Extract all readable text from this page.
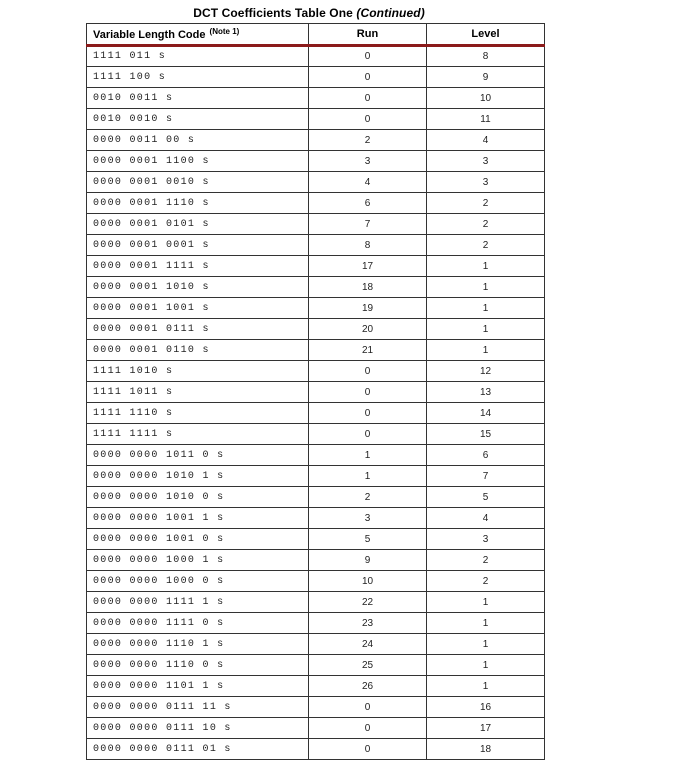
DCT Coefficients Table One (Continued)
Variable Length Code $^{(Note 1)}$	Run	Level
1111 011 s	0	8
1111 100 s	0	9
0010 0011 s	0	10
0010 0010 s	0	11
0000 0011 00 s	2	4
0000 0001 1100 s	3	3
0000 0001 0010 s	4	3
0000 0001 1110 s	6	2
0000 0001 0101 s	7	2
0000 0001 0001 s	8	2
0000 0001 1111 s	17	1
0000 0001 1010 s	18	1
0000 0001 1001 s	19	1
0000 0001 0111 s	20	1
0000 0001 0110 s	21	1
1111 1010 s	0	12
1111 1011 s	0	13
1111 1110 s	0	14
1111 1111 s	0	15
0000 0000 1011 0 s	1	6
0000 0000 1010 1 s	1	7
0000 0000 1010 0 s	2	5
0000 0000 1001 1 s	3	4
0000 0000 1001 0 s	5	3
0000 0000 1000 1 s	9	2
0000 0000 1000 0 s	10	2
0000 0000 1111 1 s	22	1
0000 0000 1111 0 s	23	1
0000 0000 1110 1 s	24	1
0000 0000 1110 0 s	25	1
0000 0000 1101 1 s	26	1
0000 0000 0111 11 s	0	16
0000 0000 0111 10 s	0	17
0000 0000 0111 01 s	0	18
